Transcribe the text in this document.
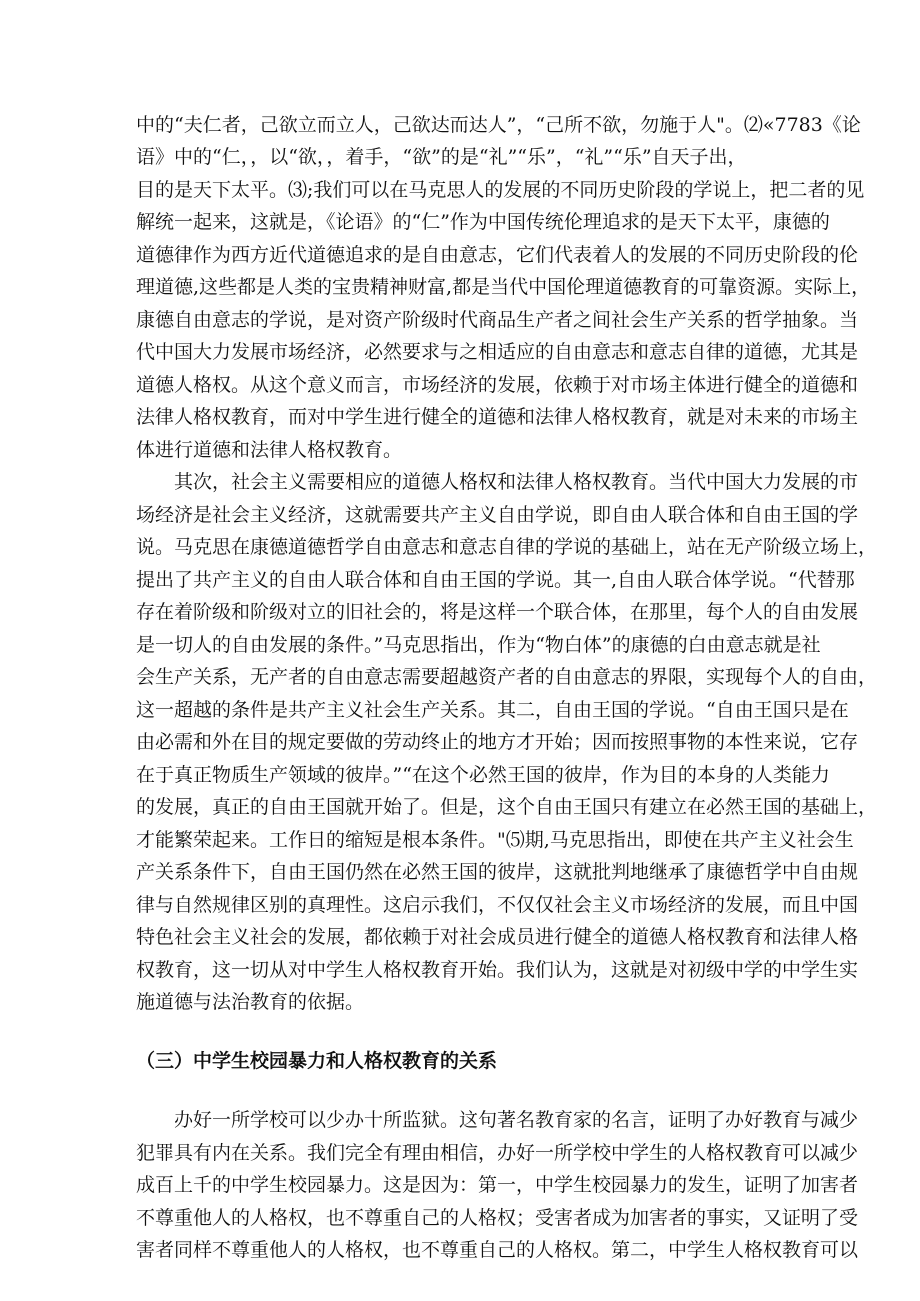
中的“夫仁者，己欲立而立人，己欲达而达人”，“己所不欲，勿施于人"。⑵«7783《论
语》中的“仁，，以“欲，，着手，“欲”的是“礼”“乐”，“礼”“乐”自天子出，
目的是天下太平。⑶;我们可以在马克思人的发展的不同历史阶段的学说上，把二者的见
解统一起来，这就是，《论语》的“仁”作为中国传统伦理追求的是天下太平，康德的
道德律作为西方近代道德追求的是自由意志，它们代表着人的发展的不同历史阶段的伦
理道德,这些都是人类的宝贵精神财富,都是当代中国伦理道德教育的可靠资源。实际上，
康德自由意志的学说，是对资产阶级时代商品生产者之间社会生产关系的哲学抽象。当
代中国大力发展市场经济，必然要求与之相适应的自由意志和意志自律的道德，尤其是
道德人格权。从这个意义而言，市场经济的发展，依赖于对市场主体进行健全的道德和
法律人格权教育，而对中学生进行健全的道德和法律人格权教育，就是对未来的市场主
体进行道德和法律人格权教育。
　　其次，社会主义需要相应的道德人格权和法律人格权教育。当代中国大力发展的市
场经济是社会主义经济，这就需要共产主义自由学说，即自由人联合体和自由王国的学
说。马克思在康德道德哲学自由意志和意志自律的学说的基础上，站在无产阶级立场上，
提出了共产主义的自由人联合体和自由王国的学说。其一,自由人联合体学说。“代替那
存在着阶级和阶级对立的旧社会的，将是这样一个联合体，在那里，每个人的自由发展
是一切人的自由发展的条件。”马克思指出，作为“物白体”的康德的白由意志就是社
会生产关系，无产者的自由意志需要超越资产者的自由意志的界限，实现每个人的自由，
这一超越的条件是共产主义社会生产关系。其二，自由王国的学说。“自由王国只是在
由必需和外在目的规定要做的劳动终止的地方才开始；因而按照事物的本性来说，它存
在于真正物质生产领域的彼岸。”“在这个必然王国的彼岸，作为目的本身的人类能力
的发展，真正的自由王国就开始了。但是，这个自由王国只有建立在必然王国的基础上，
才能繁荣起来。工作日的缩短是根本条件。"⑸期,马克思指出，即使在共产主义社会生
产关系条件下，自由王国仍然在必然王国的彼岸，这就批判地继承了康德哲学中自由规
律与自然规律区别的真理性。这启示我们，不仅仅社会主义市场经济的发展，而且中国
特色社会主义社会的发展，都依赖于对社会成员进行健全的道德人格权教育和法律人格
权教育，这一切从对中学生人格权教育开始。我们认为，这就是对初级中学的中学生实
施道德与法治教育的依据。
（三）中学生校园暴力和人格权教育的关系
　　办好一所学校可以少办十所监狱。这句著名教育家的名言，证明了办好教育与减少
犯罪具有内在关系。我们完全有理由相信，办好一所学校中学生的人格权教育可以减少
成百上千的中学生校园暴力。这是因为：第一，中学生校园暴力的发生，证明了加害者
不尊重他人的人格权，也不尊重自己的人格权；受害者成为加害者的事实，又证明了受
害者同样不尊重他人的人格权，也不尊重自己的人格权。第二，中学生人格权教育可以
